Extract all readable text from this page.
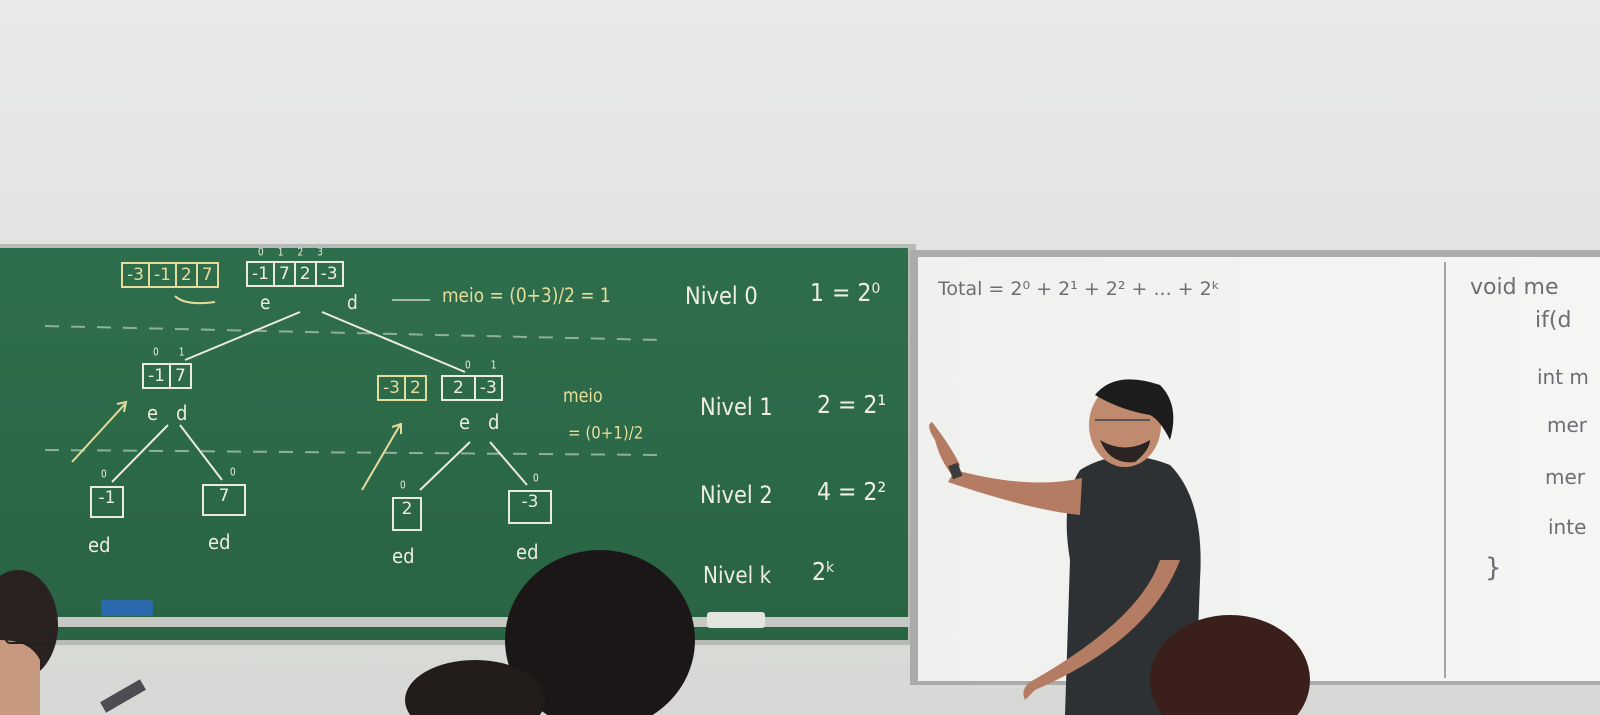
-3 -1 2 7
0123
-1 7 2 -3
e	d	meio = (0+3)/2 = 1	Nivel 0 1 = 2⁰
Nivel 1 2 = 2¹
Nivel 2 4 = 2²
Nivel k 2ᵏ
01
-1 7
e d
-3 2
01
2 -3
e d
meio
= (0+1)/2
0
-1
ed
0
7
ed
0
2
ed
0
-3
ed
Total = 2⁰ + 2¹ + 2² + ... + 2ᵏ	void me
if(d
int m
mer
mer
inte
}
